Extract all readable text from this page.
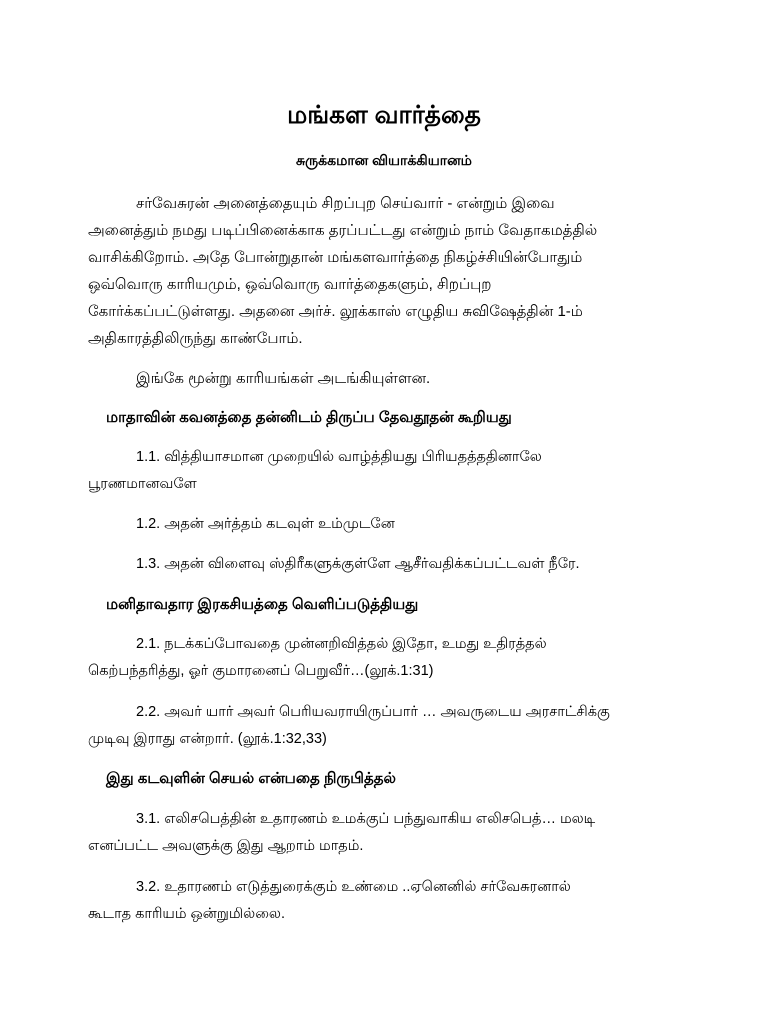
மங்கள வார்த்தை
சுருக்கமான வியாக்கியானம்
சர்வேசுரன் அனைத்தையும் சிறப்புற செய்வார் - என்றும் இவை
அனைத்தும் நமது படிப்பினைக்காக தரப்பட்டது என்றும் நாம் வேதாகமத்தில்
வாசிக்கிறோம். அதே போன்றுதான் மங்களவார்த்தை நிகழ்ச்சியின்போதும்
ஒவ்வொரு காரியமும், ஒவ்வொரு வார்த்தைகளும், சிறப்புற
கோர்க்கப்பட்டுள்ளது. அதனை அர்ச். லூக்காஸ் எழுதிய சுவிஷேத்தின் 1-ம்
அதிகாரத்திலிருந்து காண்போம்.
இங்கே மூன்று காரியங்கள் அடங்கியுள்ளன.
மாதாவின் கவனத்தை தன்னிடம் திருப்ப தேவதூதன் கூறியது
1.1. வித்தியாசமான முறையில் வாழ்த்தியது பிரியதத்ததினாலே
பூரணமானவளே
1.2. அதன் அர்த்தம் கடவுள் உம்முடனே
1.3. அதன் விளைவு ஸ்திரீகளுக்குள்ளே ஆசீர்வதிக்கப்பட்டவள் நீரே.
மனிதாவதார இரகசியத்தை வெளிப்படுத்தியது
2.1. நடக்கப்போவதை முன்னறிவித்தல் இதோ, உமது உதிரத்தல்
கெற்பந்தரித்து, ஓர் குமாரனைப் பெறுவீர்…(லூக்.1:31)
2.2. அவர் யார் அவர் பெரியவராயிருப்பார் … அவருடைய அரசாட்சிக்கு
முடிவு இராது என்றார். (லூக்.1:32,33)
இது கடவுளின் செயல் என்பதை நிருபித்தல்
3.1. எலிசபெத்தின் உதாரணம் உமக்குப் பந்துவாகிய எலிசபெத்… மலடி
எனப்பட்ட அவளுக்கு இது ஆறாம் மாதம்.
3.2. உதாரணம் எடுத்துரைக்கும் உண்மை ..ஏனெனில் சர்வேசுரனால்
கூடாத காரியம் ஒன்றுமில்லை.
